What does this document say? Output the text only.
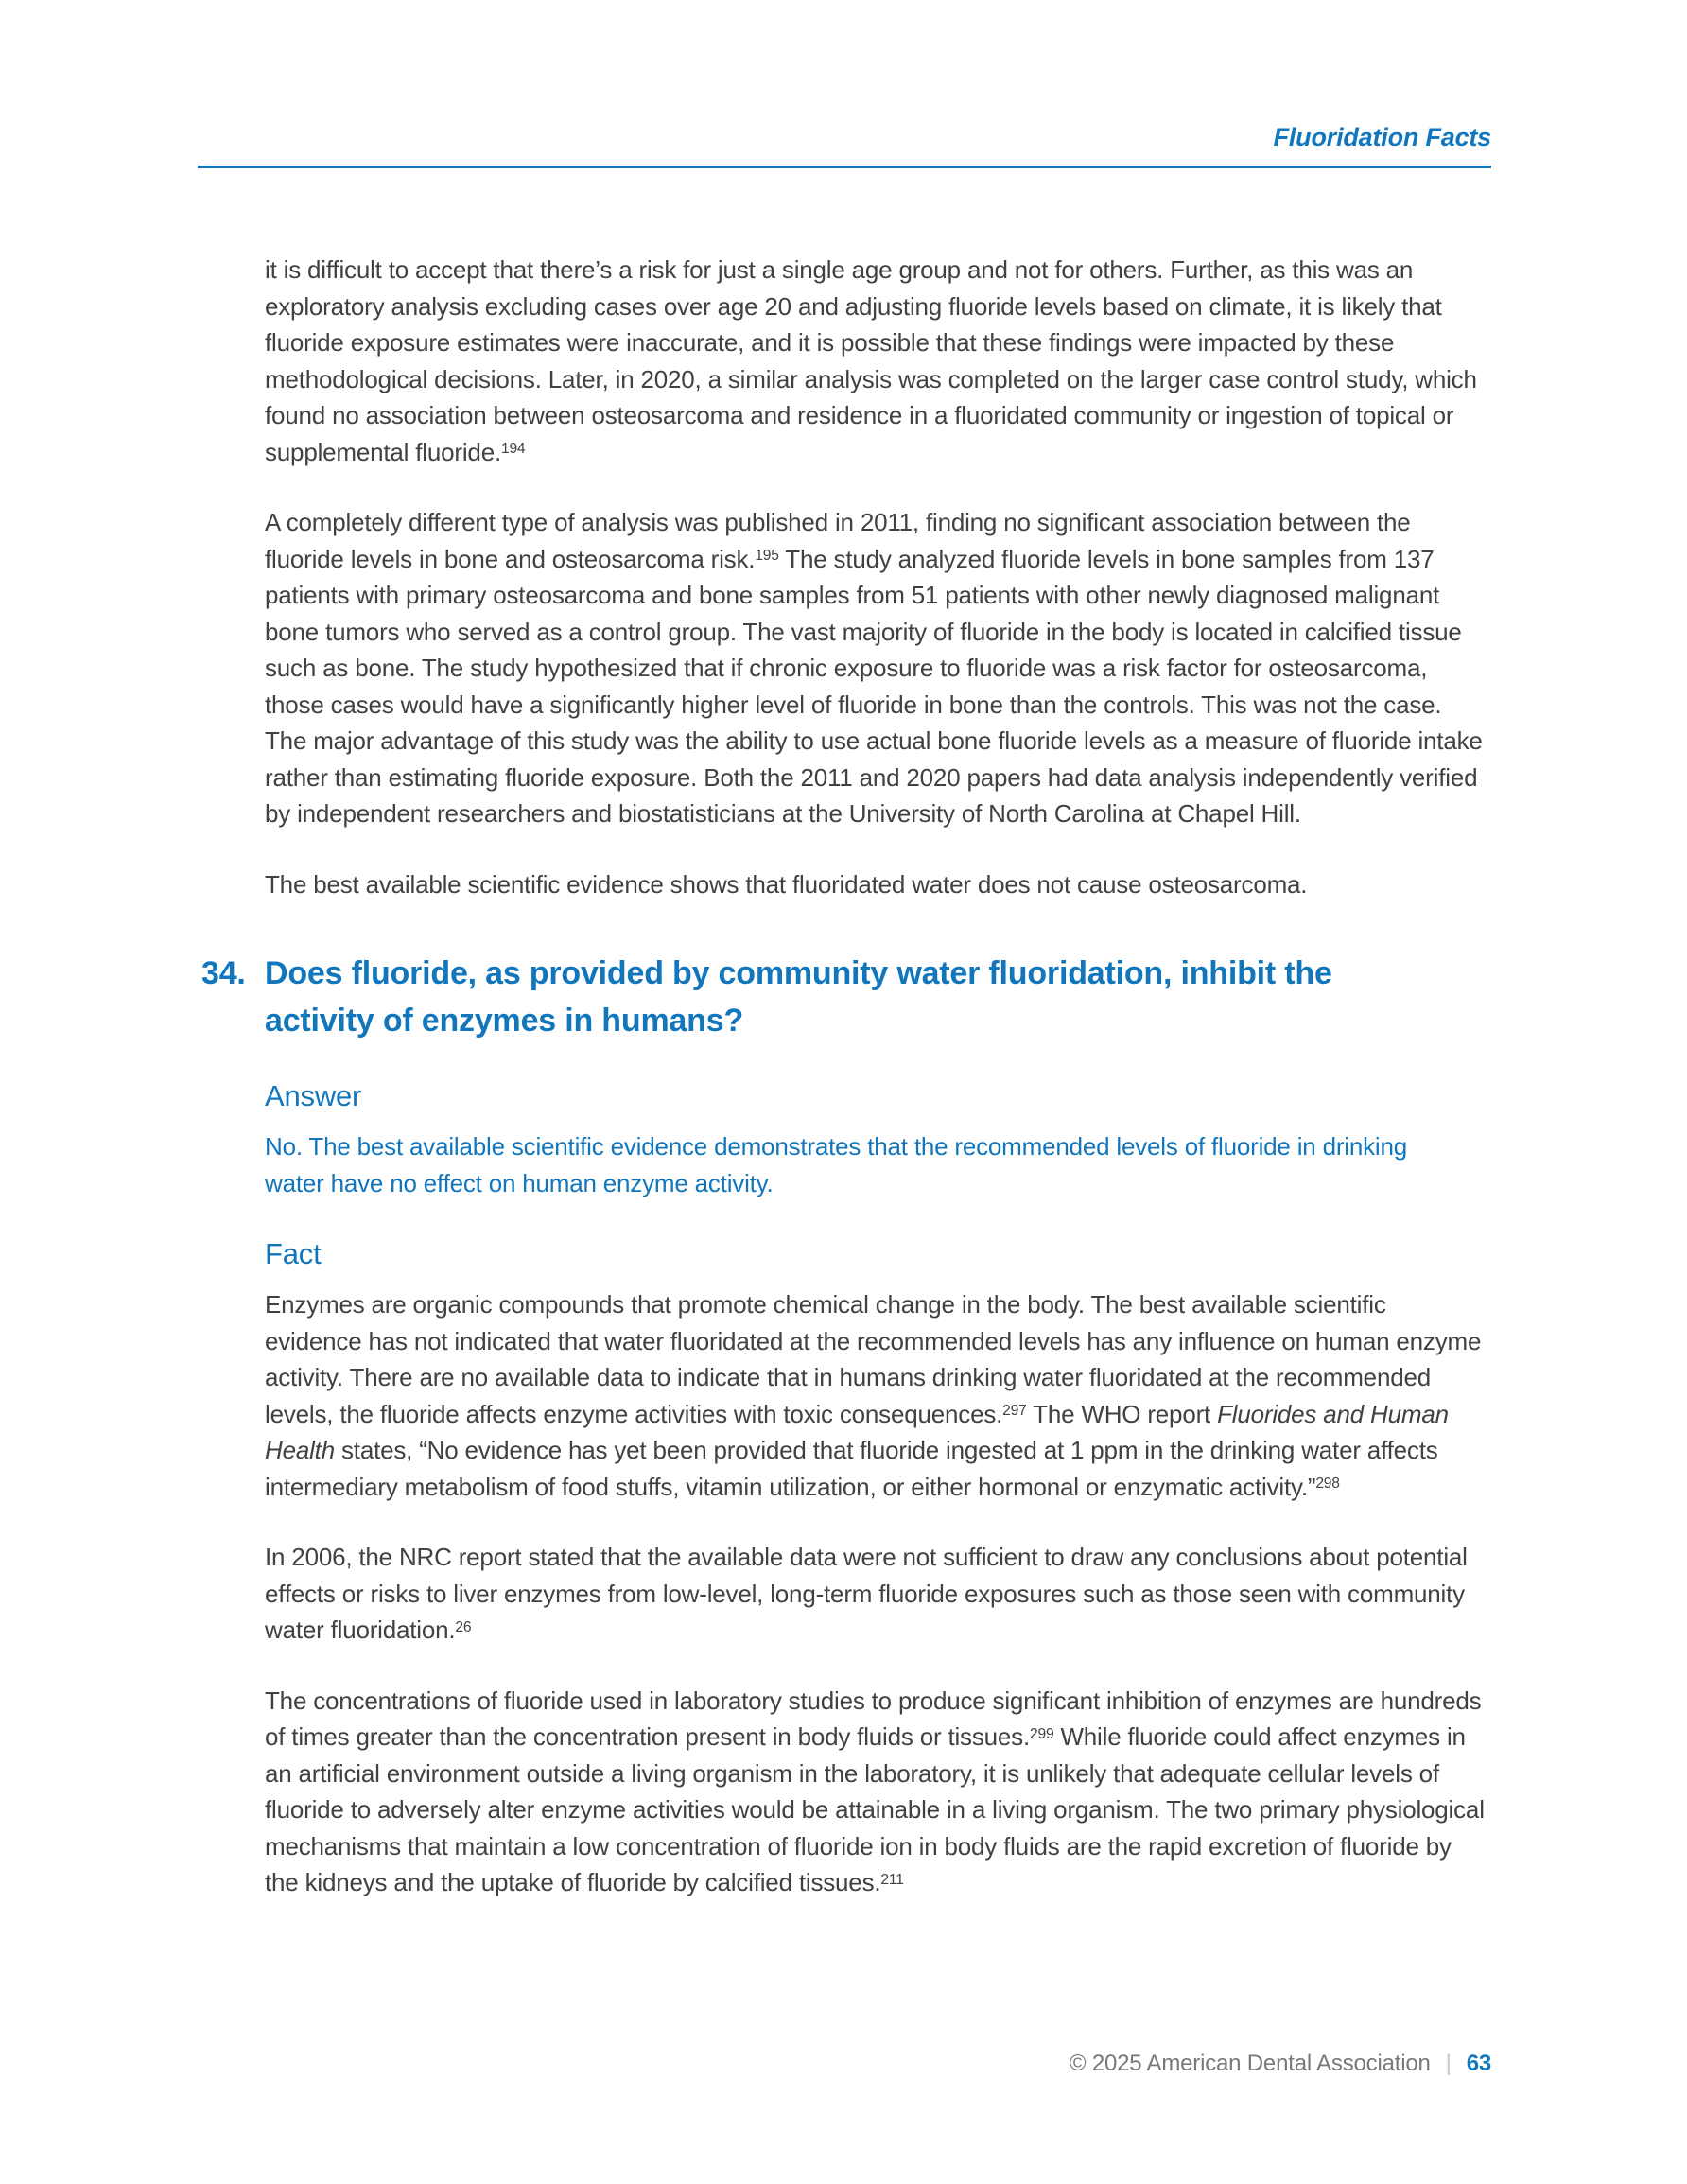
Fluoridation Facts

it is difficult to accept that there’s a risk for just a single age group and not for others. Further, as this was an exploratory analysis excluding cases over age 20 and adjusting fluoride levels based on climate, it is likely that fluoride exposure estimates were inaccurate, and it is possible that these findings were impacted by these methodological decisions. Later, in 2020, a similar analysis was completed on the larger case control study, which found no association between osteosarcoma and residence in a fluoridated community or ingestion of topical or supplemental fluoride.$^{194}$

A completely different type of analysis was published in 2011, finding no significant association between the fluoride levels in bone and osteosarcoma risk.$^{195}$ The study analyzed fluoride levels in bone samples from 137 patients with primary osteosarcoma and bone samples from 51 patients with other newly diagnosed malignant bone tumors who served as a control group. The vast majority of fluoride in the body is located in calcified tissue such as bone. The study hypothesized that if chronic exposure to fluoride was a risk factor for osteosarcoma, those cases would have a significantly higher level of fluoride in bone than the controls. This was not the case. The major advantage of this study was the ability to use actual bone fluoride levels as a measure of fluoride intake rather than estimating fluoride exposure. Both the 2011 and 2020 papers had data analysis independently verified by independent researchers and biostatisticians at the University of North Carolina at Chapel Hill.

The best available scientific evidence shows that fluoridated water does not cause osteosarcoma.

34. Does fluoride, as provided by community water fluoridation, inhibit the activity of enzymes in humans?
Answer

No. The best available scientific evidence demonstrates that the recommended levels of fluoride in drinking water have no effect on human enzyme activity.

Fact

Enzymes are organic compounds that promote chemical change in the body. The best available scientific evidence has not indicated that water fluoridated at the recommended levels has any influence on human enzyme activity. There are no available data to indicate that in humans drinking water fluoridated at the recommended levels, the fluoride affects enzyme activities with toxic consequences.$^{297}$ The WHO report Fluorides and Human Health states, “No evidence has yet been provided that fluoride ingested at 1 ppm in the drinking water affects intermediary metabolism of food stuffs, vitamin utilization, or either hormonal or enzymatic activity.”$^{298}$

In 2006, the NRC report stated that the available data were not sufficient to draw any conclusions about potential effects or risks to liver enzymes from low-level, long-term fluoride exposures such as those seen with community water fluoridation.$^{26}$

The concentrations of fluoride used in laboratory studies to produce significant inhibition of enzymes are hundreds of times greater than the concentration present in body fluids or tissues.$^{299}$ While fluoride could affect enzymes in an artificial environment outside a living organism in the laboratory, it is unlikely that adequate cellular levels of fluoride to adversely alter enzyme activities would be attainable in a living organism. The two primary physiological mechanisms that maintain a low concentration of fluoride ion in body fluids are the rapid excretion of fluoride by the kidneys and the uptake of fluoride by calcified tissues.$^{211}$

© 2025 American Dental Association | 63
